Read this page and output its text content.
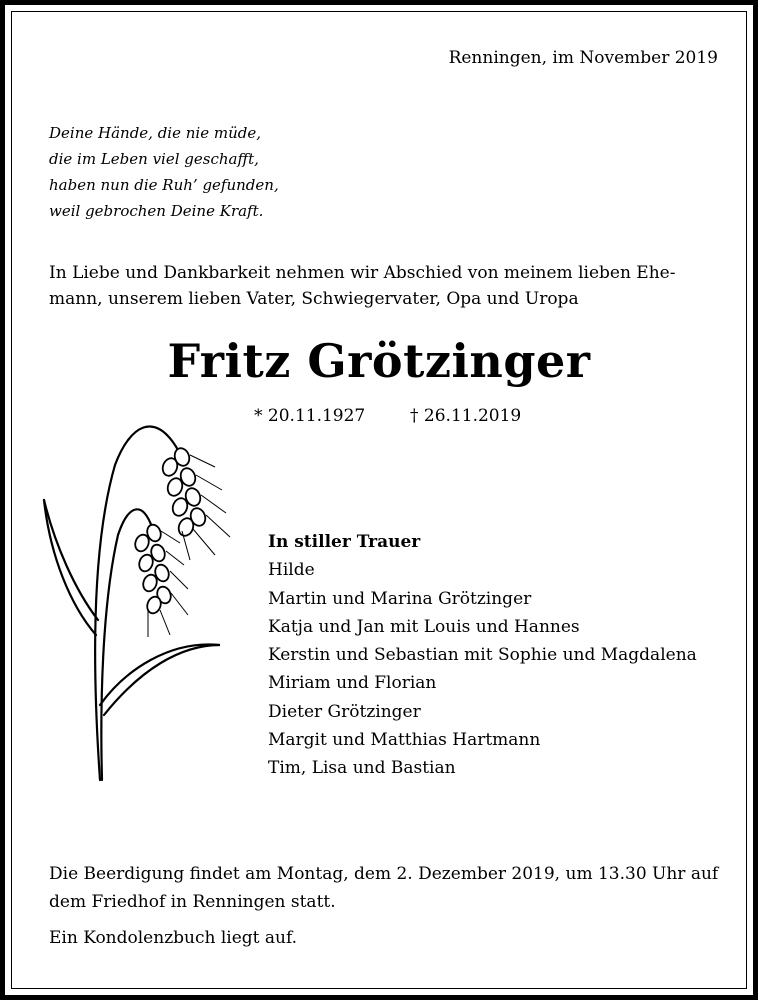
Renningen, im November 2019
Deine Hände, die nie müde,
die im Leben viel geschafft,
haben nun die Ruh’ gefunden,
weil gebrochen Deine Kraft.
In Liebe und Dankbarkeit nehmen wir Abschied von meinem lieben Ehe-
mann, unserem lieben Vater, Schwiegervater, Opa und Uropa
Fritz Grötzinger
* 20.11.1927	† 26.11.2019
In stiller Trauer
Hilde
Martin und Marina Grötzinger
Katja und Jan mit Louis und Hannes
Kerstin und Sebastian mit Sophie und Magdalena
Miriam und Florian
Dieter Grötzinger
Margit und Matthias Hartmann
Tim, Lisa und Bastian
Die Beerdigung findet am Montag, dem 2. Dezember 2019, um 13.30 Uhr auf
dem Friedhof in Renningen statt.
Ein Kondolenzbuch liegt auf.
